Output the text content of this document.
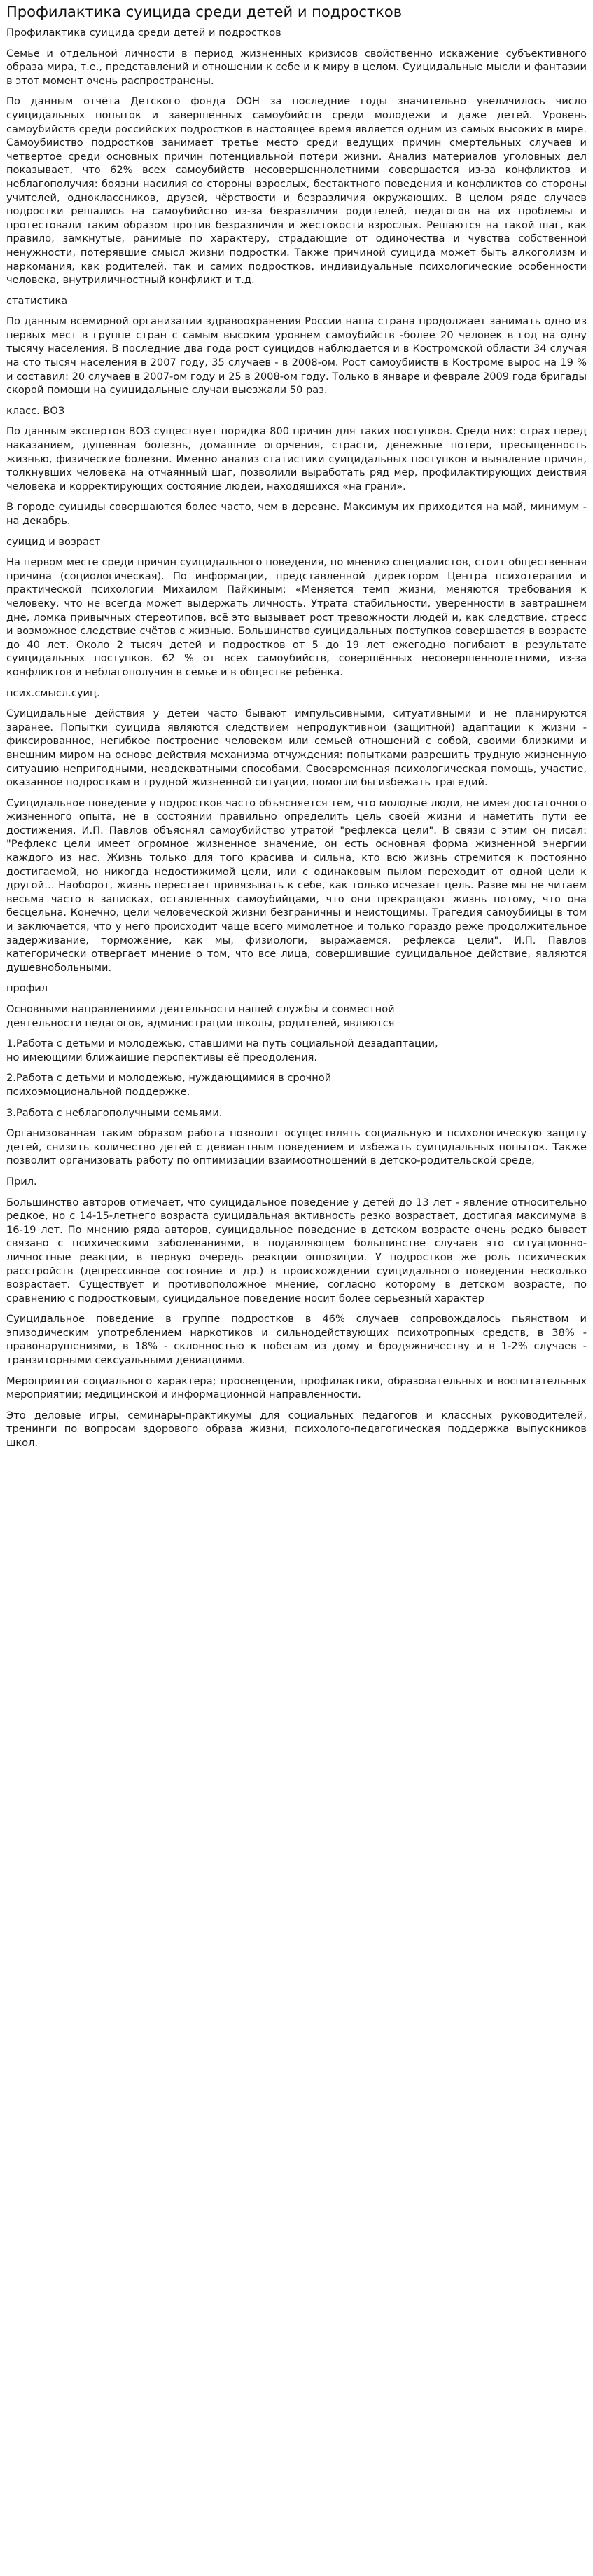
Профилактика суицида среди детей и подростков

Профилактика суицида среди детей и подростков

Семье и отдельной личности в период жизненных кризисов свойственно искажение субъективного образа мира, т.е., представлений и отношении к себе и к миру в целом. Суицидальные мысли и фантазии в этот момент очень распространены.

По данным отчёта Детского фонда ООН за последние годы значительно увеличилось число суицидальных попыток и завершенных самоубийств среди молодежи и даже детей. Уровень самоубийств среди российских подростков в настоящее время является одним из самых высоких в мире. Самоубийство подростков занимает третье место среди ведущих причин смертельных случаев и четвертое среди основных причин потенциальной потери жизни. Анализ материалов уголовных дел показывает, что 62% всех самоубийств несовершеннолетними совершается из-за конфликтов и неблагополучия: боязни насилия со стороны взрослых, бестактного поведения и конфликтов со стороны учителей, одноклассников, друзей, чёрствости и безразличия окружающих. В целом ряде случаев подростки решались на самоубийство из-за безразличия родителей, педагогов на их проблемы и протестовали таким образом против безразличия и жестокости взрослых. Решаются на такой шаг, как правило, замкнутые, ранимые по характеру, страдающие от одиночества и чувства собственной ненужности, потерявшие смысл жизни подростки. Также причиной суицида может быть алкоголизм и наркомания, как родителей, так и самих подростков, индивидуальные психологические особенности человека, внутриличностный конфликт и т.д.

статистика

По данным всемирной организации здравоохранения России наша страна продолжает занимать одно из первых мест в группе стран с самым высоким уровнем самоубийств -более 20 человек в год на одну тысячу населения. В последние два года рост суицидов наблюдается и в Костромской области 34 случая на сто тысяч населения в 2007 году, 35 случаев - в 2008-ом. Рост самоубийств в Костроме вырос на 19 % и составил: 20 случаев в 2007-ом году и 25 в 2008-ом году. Только в январе и феврале 2009 года бригады скорой помощи на суицидальные случаи выезжали 50 раз.

класс. ВОЗ

По данным экспертов ВОЗ существует порядка 800 причин для таких поступков. Среди них: страх перед наказанием, душевная болезнь, домашние огорчения, страсти, денежные потери, пресыщенность жизнью, физические болезни. Именно анализ статистики суицидальных поступков и выявление причин, толкнувших человека на отчаянный шаг, позволили выработать ряд мер, профилактирующих действия человека и корректирующих состояние людей, находящихся «на грани».

В городе суициды совершаются более часто, чем в деревне. Максимум их приходится на май, минимум - на декабрь.

суицид и возраст

На первом месте среди причин суицидального поведения, по мнению специалистов, стоит общественная причина (социологическая). По информации, представленной директором Центра психотерапии и практической психологии Михаилом Пайкиным: «Меняется темп жизни, меняются требования к человеку, что не всегда может выдержать личность. Утрата стабильности, уверенности в завтрашнем дне, ломка привычных стереотипов, всё это вызывает рост тревожности людей и, как следствие, стресс и возможное следствие счётов с жизнью. Большинство суицидальных поступков совершается в возрасте до 40 лет. Около 2 тысяч детей и подростков от 5 до 19 лет ежегодно погибают в результате суицидальных поступков. 62 % от всех самоубийств, совершённых несовершеннолетними, из-за конфликтов и неблагополучия в семье и в обществе ребёнка.

псих.смысл.суиц.

Суицидальные действия у детей часто бывают импульсивными, ситуативными и не планируются заранее. Попытки суицида являются следствием непродуктивной (защитной) адаптации к жизни - фиксированное, негибкое построение человеком или семьей отношений с собой, своими близкими и внешним миром на основе действия механизма отчуждения: попытками разрешить трудную жизненную ситуацию непригодными, неадекватными способами. Своевременная психологическая помощь, участие, оказанное подросткам в трудной жизненной ситуации, помогли бы избежать трагедий.

Суицидальное поведение у подростков часто объясняется тем, что молодые люди, не имея достаточного жизненного опыта, не в состоянии правильно определить цель своей жизни и наметить пути ее достижения. И.П. Павлов объяснял самоубийство утратой "рефлекса цели". В связи с этим он писал: "Рефлекс цели имеет огромное жизненное значение, он есть основная форма жизненной энергии каждого из нас. Жизнь только для того красива и сильна, кто всю жизнь стремится к постоянно достигаемой, но никогда недостижимой цели, или с одинаковым пылом переходит от одной цели к другой… Наоборот, жизнь перестает привязывать к себе, как только исчезает цель. Разве мы не читаем весьма часто в записках, оставленных самоубийцами, что они прекращают жизнь потому, что она бесцельна. Конечно, цели человеческой жизни безграничны и неистощимы. Трагедия самоубийцы в том и заключается, что у него происходит чаще всего мимолетное и только гораздо реже продолжительное задерживание, торможение, как мы, физиологи, выражаемся, рефлекса цели". И.П. Павлов категорически отвергает мнение о том, что все лица, совершившие суицидальное действие, являются душевнобольными.

профил

Основными направлениями деятельности нашей службы и совместной
деятельности педагогов, администрации школы, родителей, являются

1.Работа с детьми и молодежью, ставшими на путь социальной дезадаптации,
но имеющими ближайшие перспективы её преодоления.

2.Работа с детьми и молодежью, нуждающимися в срочной
психоэмоциональной поддержке.

3.Работа с неблагополучными семьями.

Организованная таким образом работа позволит осуществлять социальную и психологическую защиту детей, снизить количество детей с девиантным поведением и избежать суицидальных попыток. Также позволит организовать работу по оптимизации взаимоотношений в детско-родительской среде,

Прил.

Большинство авторов отмечает, что суицидальное поведение у детей до 13 лет - явление относительно редкое, но с 14-15-летнего возраста суицидальная активность резко возрастает, достигая максимума в 16-19 лет. По мнению ряда авторов, суицидальное поведение в детском возрасте очень редко бывает связано с психическими заболеваниями, в подавляющем большинстве случаев это ситуационно-личностные реакции, в первую очередь реакции оппозиции. У подростков же роль психических расстройств (депрессивное состояние и др.) в происхождении суицидального поведения несколько возрастает. Существует и противоположное мнение, согласно которому в детском возрасте, по сравнению с подростковым, суицидальное поведение носит более серьезный характер

Суицидальное поведение в группе подростков в 46% случаев сопровождалось пьянством и эпизодическим употреблением наркотиков и сильнодействующих психотропных средств, в 38% - правонарушениями, в 18% - склонностью к побегам из дому и бродяжничеству и в 1-2% случаев - транзиторными сексуальными девиациями.

Мероприятия социального характера; просвещения, профилактики, образовательных и воспитательных мероприятий; медицинской и информационной направленности.

Это деловые игры, семинары-практикумы для социальных педагогов и классных руководителей, тренинги по вопросам здорового образа жизни, психолого-педагогическая поддержка выпускников школ.
